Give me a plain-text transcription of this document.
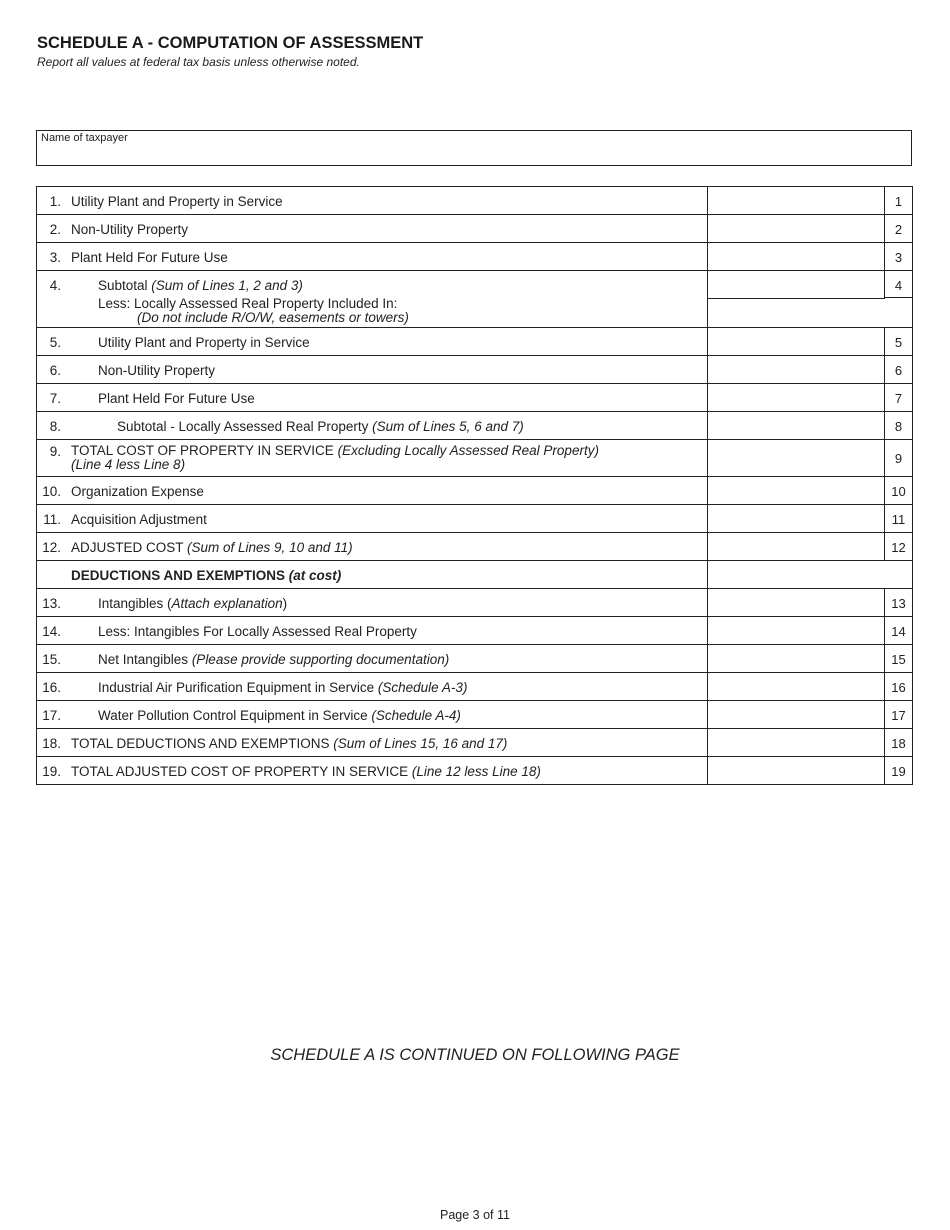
SCHEDULE A - COMPUTATION OF ASSESSMENT
Report all values at federal tax basis unless otherwise noted.
Name of taxpayer
1. Utility Plant and Property in Service	1
2. Non-Utility Property	2
3. Plant Held For Future Use	3
4.	Subtotal (Sum of Lines 1, 2 and 3)	4
Less: Locally Assessed Real Property Included In:
(Do not include R/O/W, easements or towers)
5.	Utility Plant and Property in Service	5
6.	Non-Utility Property	6
7.	Plant Held For Future Use	7
8.	Subtotal - Locally Assessed Real Property (Sum of Lines 5, 6 and 7)	8
9. TOTAL COST OF PROPERTY IN SERVICE (Excluding Locally Assessed Real Property)
(Line 4 less Line 8)	9
10. Organization Expense	10
11. Acquisition Adjustment	11
12. ADJUSTED COST (Sum of Lines 9, 10 and 11)	12
DEDUCTIONS AND EXEMPTIONS (at cost)
13.	Intangibles (Attach explanation)	13
14.	Less: Intangibles For Locally Assessed Real Property	14
15.	Net Intangibles (Please provide supporting documentation)	15
16.	Industrial Air Purification Equipment in Service (Schedule A-3)	16
17.	Water Pollution Control Equipment in Service (Schedule A-4)	17
18. TOTAL DEDUCTIONS AND EXEMPTIONS (Sum of Lines 15, 16 and 17)	18
19. TOTAL ADJUSTED COST OF PROPERTY IN SERVICE (Line 12 less Line 18)	19
SCHEDULE A IS CONTINUED ON FOLLOWING PAGE
Page 3 of 11
